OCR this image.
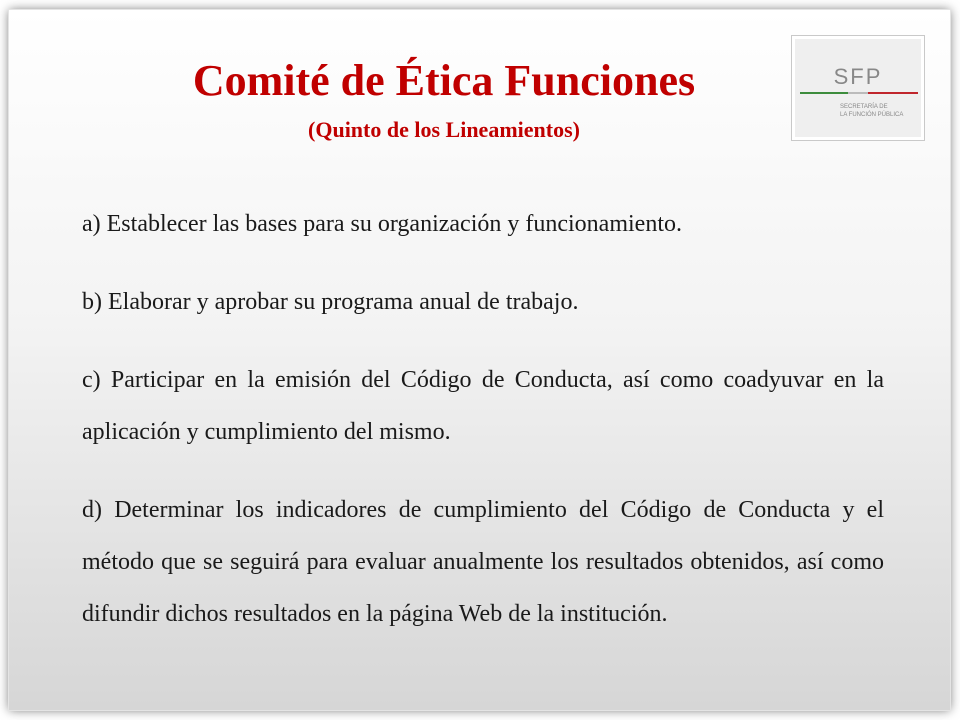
Comité de Ética Funciones
(Quinto de los Lineamientos)
SFP
SECRETARÍA DE
LA FUNCIÓN PÚBLICA

a) Establecer las bases para su organización y funcionamiento.

b) Elaborar y aprobar su programa anual de trabajo.

c) Participar en la emisión del Código de Conducta, así como coadyuvar en la aplicación y cumplimiento del mismo.

d) Determinar los indicadores de cumplimiento del Código de Conducta y el método que se seguirá para evaluar anualmente los resultados obtenidos, así como difundir dichos resultados en la página Web de la institución.
